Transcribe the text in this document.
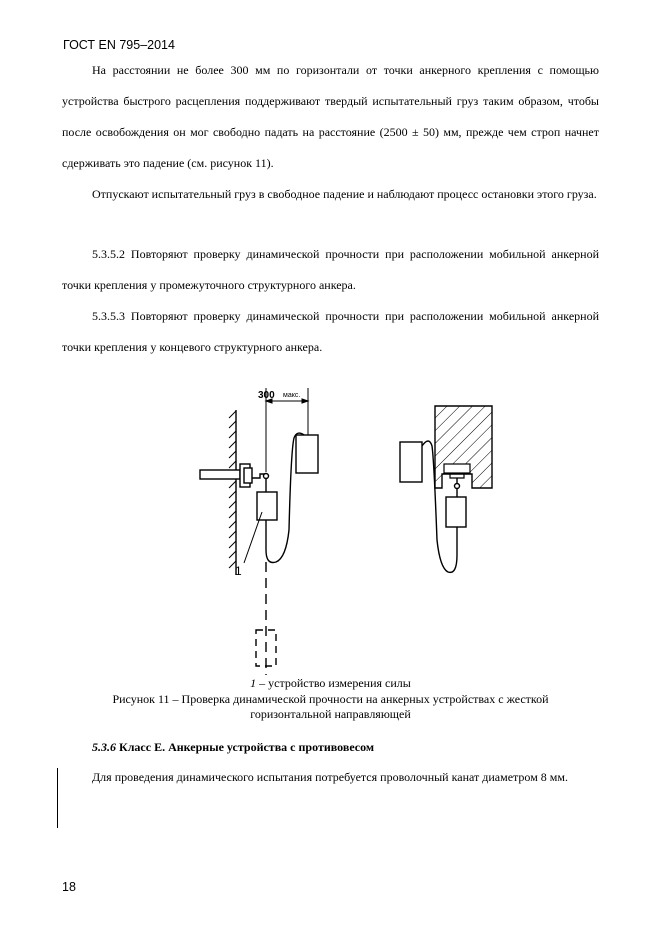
ГОСТ EN 795–2014

На расстоянии не более 300 мм по горизонтали от точки анкерного крепления с помощью устройства быстрого расцепления поддерживают твердый испытательный груз таким образом, чтобы после освобождения он мог свободно падать на расстояние (2500 ± 50) мм, прежде чем строп начнет сдерживать это падение (см. рисунок 11).

Отпускают испытательный груз в свободное падение и наблюдают процесс остановки этого груза.

5.3.5.2 Повторяют проверку динамической прочности при расположении мобильной анкерной точки крепления у промежуточного структурного анкера.

5.3.5.3 Повторяют проверку динамической прочности при расположении мобильной анкерной точки крепления у концевого структурного анкера.

300 макс.
1
1 – устройство измерения силы
Рисунок 11 – Проверка динамической прочности на анкерных устройствах с жесткой
горизонтальной направляющей
5.3.6 Класс Е. Анкерные устройства с противовесом

Для проведения динамического испытания потребуется проволочный канат диаметром 8 мм.

18
